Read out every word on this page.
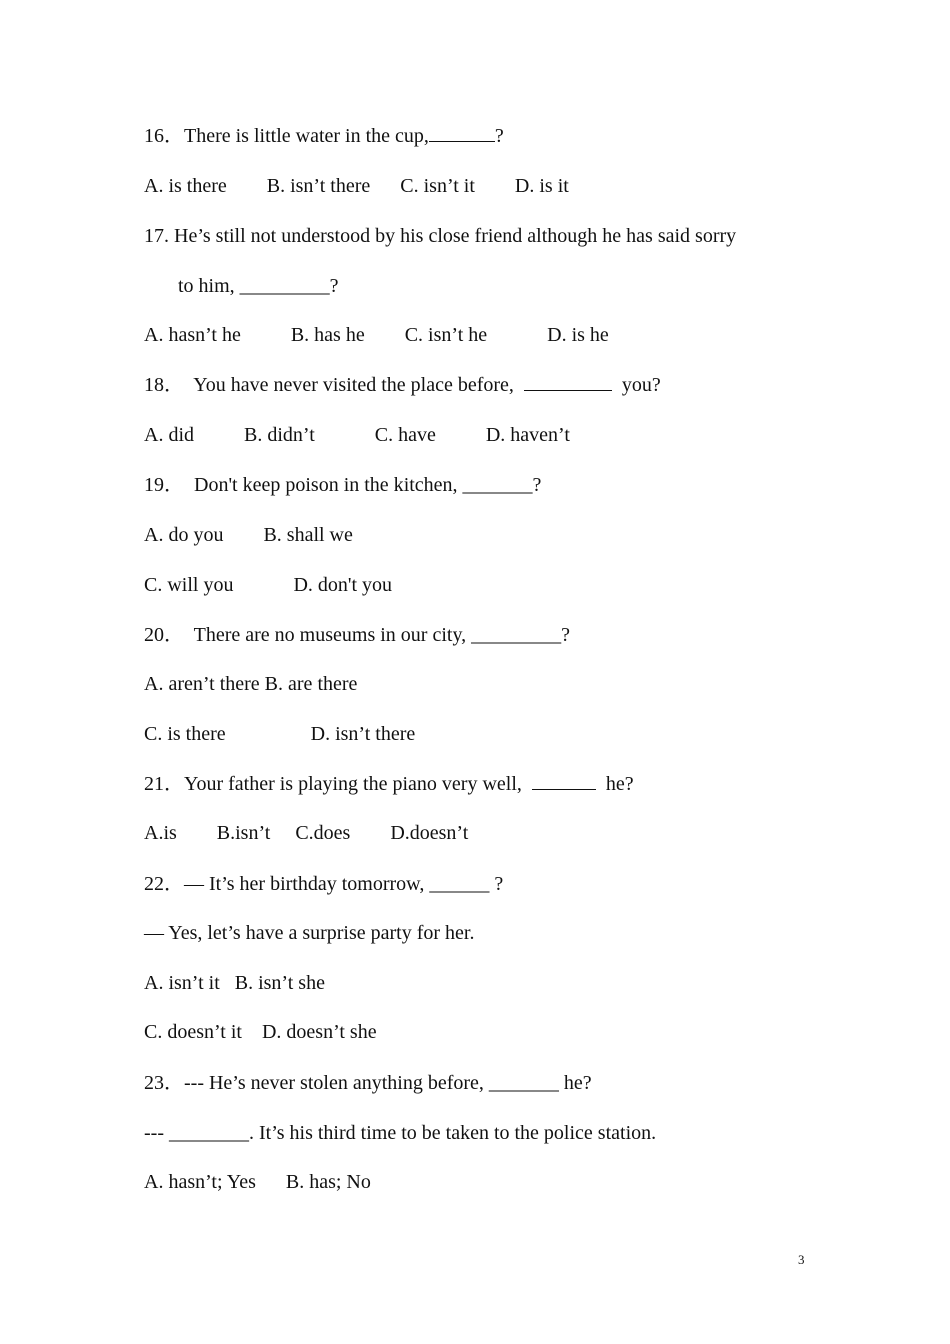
16．There is little water in the cup,	?
A. is there        B. isn’t there      C. isn’t it        D. is it
17. He’s still not understood by his close friend although he has said sorry
to him, _________?
A. hasn’t he          B. has he        C. isn’t he            D. is he
18．  You have never visited the place before,	you?
A. did          B. didn’t            C. have          D. haven’t
19．  Don't keep poison in the kitchen, _______?
A. do you        B. shall we
C. will you            D. don't you
20．  There are no museums in our city, _________?
A. aren’t there B. are there
C. is there                 D. isn’t there
21．Your father is playing the piano very well,	he?
A.is        B.isn’t     C.does        D.doesn’t
22．— It’s her birthday tomorrow, ______ ?
— Yes, let’s have a surprise party for her.
A. isn’t it   B. isn’t she
C. doesn’t it    D. doesn’t she
23．--- He’s never stolen anything before, _______ he?
--- ________. It’s his third time to be taken to the police station.
A. hasn’t; Yes      B. has; No
3
